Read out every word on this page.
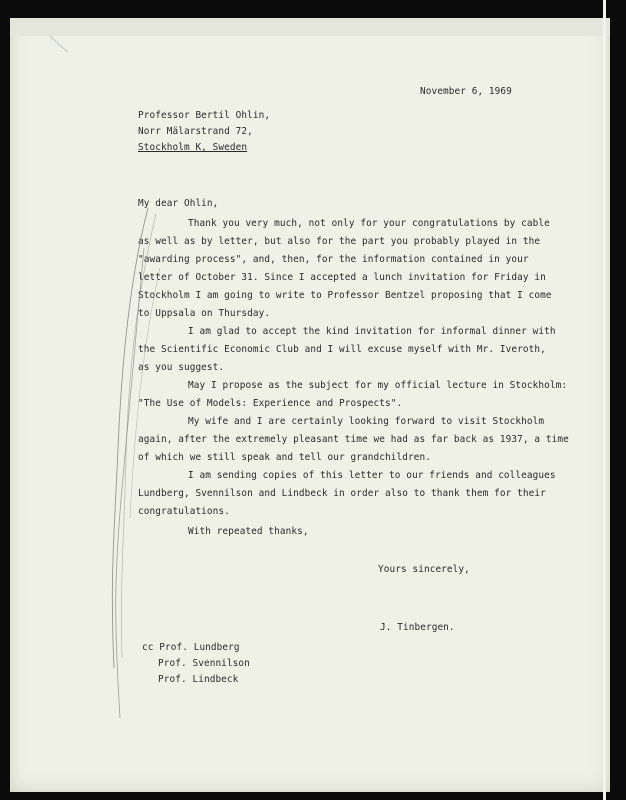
November 6, 1969
Professor Bertil Ohlin,
Norr Mälarstrand 72,
Stockholm K, Sweden
My dear Ohlin,
Thank you very much, not only for your congratulations by cable
as well as by letter, but also for the part you probably played in the
"awarding process", and, then, for the information contained in your
letter of October 31. Since I accepted a lunch invitation for Friday in
Stockholm I am going to write to Professor Bentzel proposing that I come
to Uppsala on Thursday.
I am glad to accept the kind invitation for informal dinner with
the Scientific Economic Club and I will excuse myself with Mr. Iveroth,
as you suggest.
May I propose as the subject for my official lecture in Stockholm:
"The Use of Models: Experience and Prospects".
My wife and I are certainly looking forward to visit Stockholm
again, after the extremely pleasant time we had as far back as 1937, a time
of which we still speak and tell our grandchildren.
I am sending copies of this letter to our friends and colleagues
Lundberg, Svennilson and Lindbeck in order also to thank them for their
congratulations.
With repeated thanks,
Yours sincerely,
J. Tinbergen.
cc Prof. Lundberg
Prof. Svennilson
Prof. Lindbeck
